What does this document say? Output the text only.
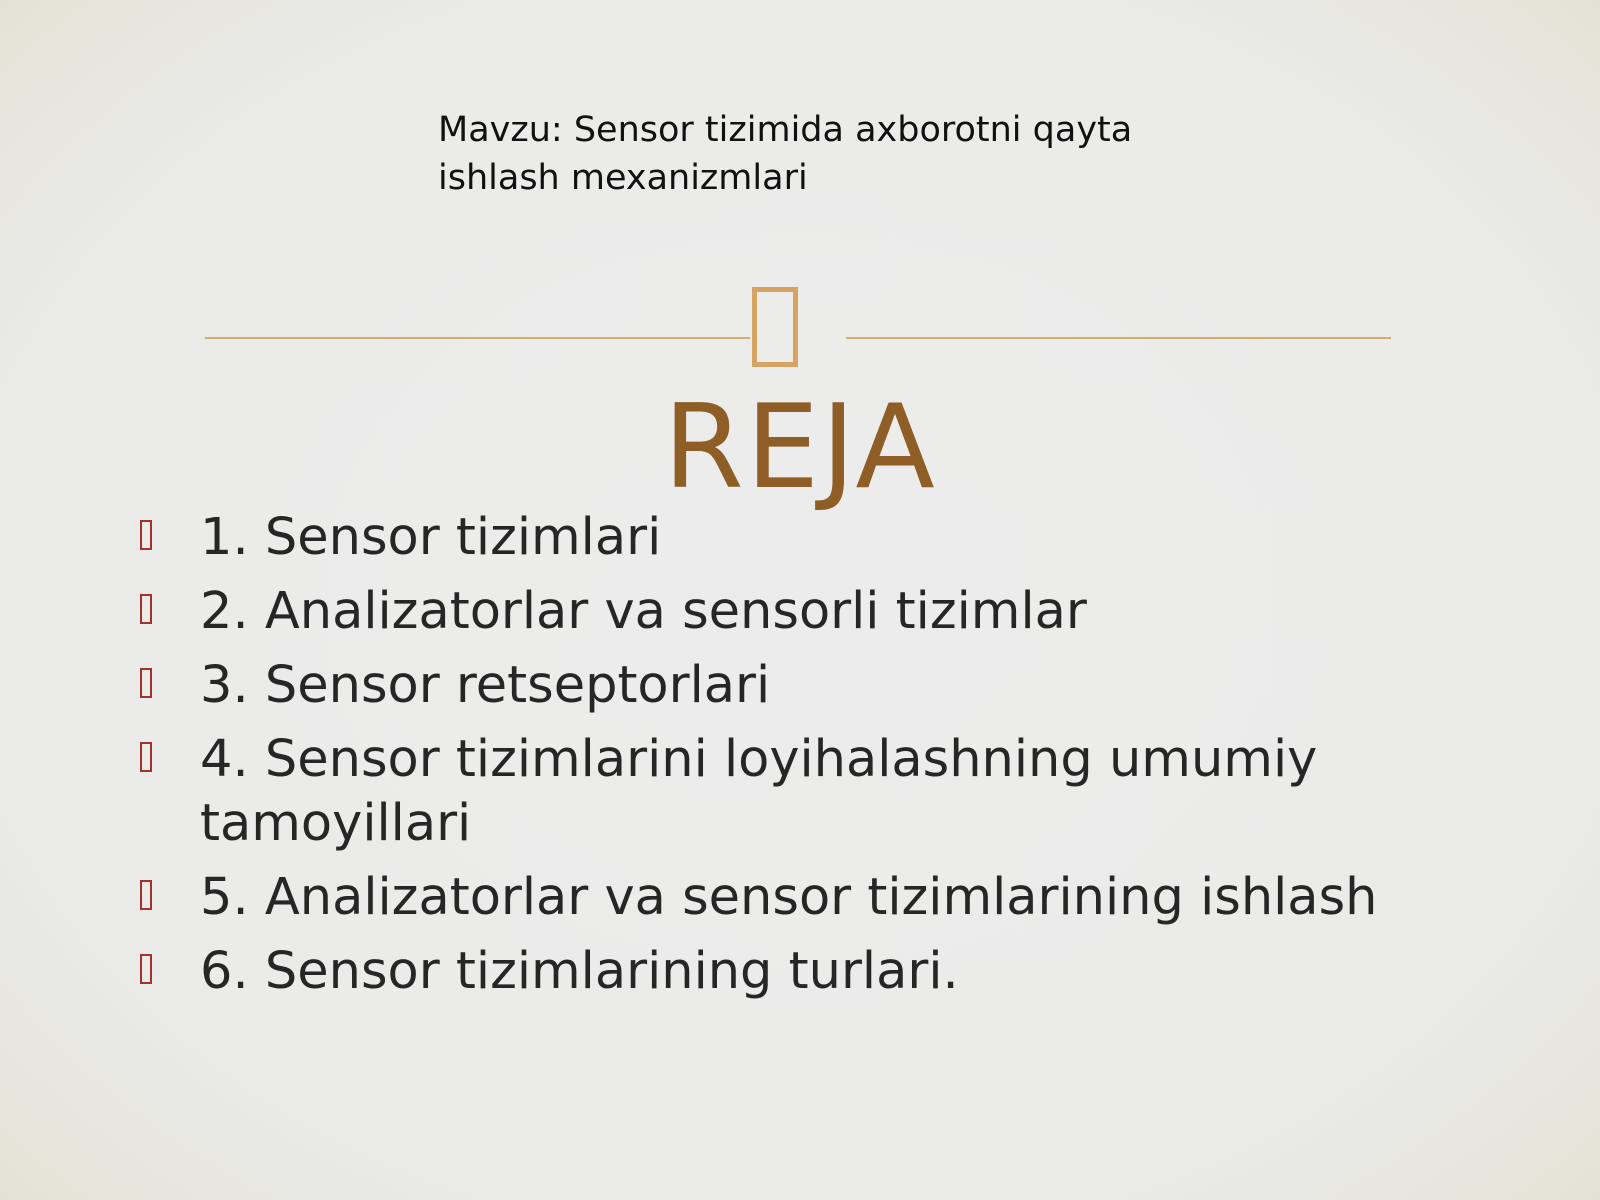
Mavzu: Sensor tizimida axborotni qayta
ishlash mexanizmlari
REJA
1. Sensor tizimlari
2. Analizatorlar va sensorli tizimlar
3. Sensor retseptorlari
4. Sensor tizimlarini loyihalashning umumiy tamoyillari
5. Analizatorlar va sensor tizimlarining ishlash
6. Sensor tizimlarining turlari.
